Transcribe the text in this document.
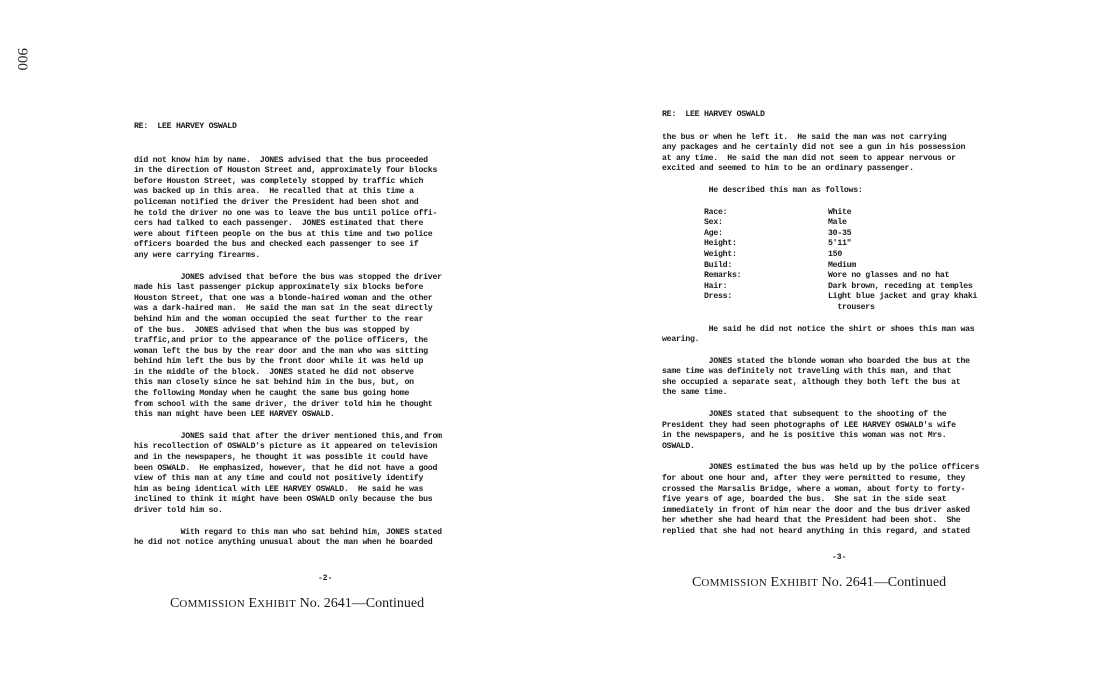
900
RE: LEE HARVEY OSWALD

did not know him by name.  JONES advised that the bus proceeded
in the direction of Houston Street and, approximately four blocks
before Houston Street, was completely stopped by traffic which
was backed up in this area.  He recalled that at this time a
policeman notified the driver the President had been shot and
he told the driver no one was to leave the bus until police offi-
cers had talked to each passenger.  JONES estimated that there
were about fifteen people on the bus at this time and two police
officers boarded the bus and checked each passenger to see if
any were carrying firearms.

JONES advised that before the bus was stopped the driver
made his last passenger pickup approximately six blocks before
Houston Street, that one was a blonde-haired woman and the other
was a dark-haired man.  He said the man sat in the seat directly
behind him and the woman occupied the seat further to the rear
of the bus.  JONES advised that when the bus was stopped by
traffic,and prior to the appearance of the police officers, the
woman left the bus by the rear door and the man who was sitting
behind him left the bus by the front door while it was held up
in the middle of the block.  JONES stated he did not observe
this man closely since he sat behind him in the bus, but, on
the following Monday when he caught the same bus going home
from school with the same driver, the driver told him he thought
this man might have been LEE HARVEY OSWALD.

JONES said that after the driver mentioned this,and from
his recollection of OSWALD's picture as it appeared on television
and in the newspapers, he thought it was possible it could have
been OSWALD.  He emphasized, however, that he did not have a good
view of this man at any time and could not positively identify
him as being identical with LEE HARVEY OSWALD.  He said he was
inclined to think it might have been OSWALD only because the bus
driver told him so.

With regard to this man who sat behind him, JONES stated
he did not notice anything unusual about the man when he boarded

-2-
COMMISSION EXHIBIT No. 2641—Continued
RE: LEE HARVEY OSWALD

the bus or when he left it.  He said the man was not carrying
any packages and he certainly did not see a gun in his possession
at any time.  He said the man did not seem to appear nervous or
excited and seemed to him to be an ordinary passenger.

He described this man as follows:

Race:	White
Sex:	Male
Age:	30-35
Height:	5'11"
Weight:	150
Build:	Medium
Remarks:	Wore no glasses and no hat
Hair:	Dark brown, receding at temples
Dress:	Light blue jacket and gray khaki
trousers

He said he did not notice the shirt or shoes this man was
wearing.

JONES stated the blonde woman who boarded the bus at the
same time was definitely not traveling with this man, and that
she occupied a separate seat, although they both left the bus at
the same time.

JONES stated that subsequent to the shooting of the
President they had seen photographs of LEE HARVEY OSWALD's wife
in the newspapers, and he is positive this woman was not Mrs.
OSWALD.

JONES estimated the bus was held up by the police officers
for about one hour and, after they were permitted to resume, they
crossed the Marsalis Bridge, where a woman, about forty to forty-
five years of age, boarded the bus.  She sat in the side seat
immediately in front of him near the door and the bus driver asked
her whether she had heard that the President had been shot.  She
replied that she had not heard anything in this regard, and stated

-3-
COMMISSION EXHIBIT No. 2641—Continued
